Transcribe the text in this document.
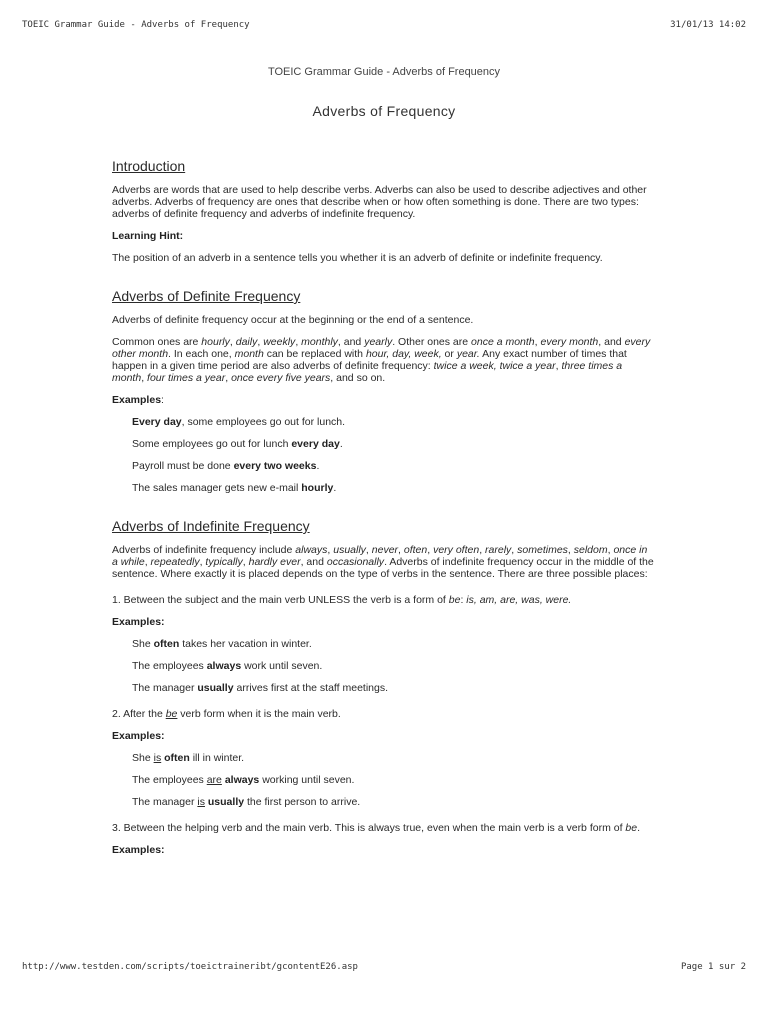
TOEIC Grammar Guide - Adverbs of Frequency	31/01/13 14:02
TOEIC Grammar Guide - Adverbs of Frequency
Adverbs of Frequency
Introduction

Adverbs are words that are used to help describe verbs. Adverbs can also be used to describe adjectives and other adverbs. Adverbs of frequency are ones that describe when or how often something is done. There are two types: adverbs of definite frequency and adverbs of indefinite frequency.

Learning Hint:

The position of an adverb in a sentence tells you whether it is an adverb of definite or indefinite frequency.

Adverbs of Definite Frequency

Adverbs of definite frequency occur at the beginning or the end of a sentence.

Common ones are hourly, daily, weekly, monthly, and yearly. Other ones are once a month, every month, and every other month. In each one, month can be replaced with hour, day, week, or year. Any exact number of times that happen in a given time period are also adverbs of definite frequency: twice a week, twice a year, three times a month, four times a year, once every five years, and so on.

Examples:

Every day, some employees go out for lunch.

Some employees go out for lunch every day.

Payroll must be done every two weeks.

The sales manager gets new e-mail hourly.

Adverbs of Indefinite Frequency

Adverbs of indefinite frequency include always, usually, never, often, very often, rarely, sometimes, seldom, once in a while, repeatedly, typically, hardly ever, and occasionally. Adverbs of indefinite frequency occur in the middle of the sentence. Where exactly it is placed depends on the type of verbs in the sentence. There are three possible places:

1. Between the subject and the main verb UNLESS the verb is a form of be: is, am, are, was, were.

Examples:

She often takes her vacation in winter.

The employees always work until seven.

The manager usually arrives first at the staff meetings.

2. After the be verb form when it is the main verb.

Examples:

She is often ill in winter.

The employees are always working until seven.

The manager is usually the first person to arrive.

3. Between the helping verb and the main verb. This is always true, even when the main verb is a verb form of be.

Examples:

http://www.testden.com/scripts/toeictraineribt/gcontentE26.asp	Page 1 sur 2
